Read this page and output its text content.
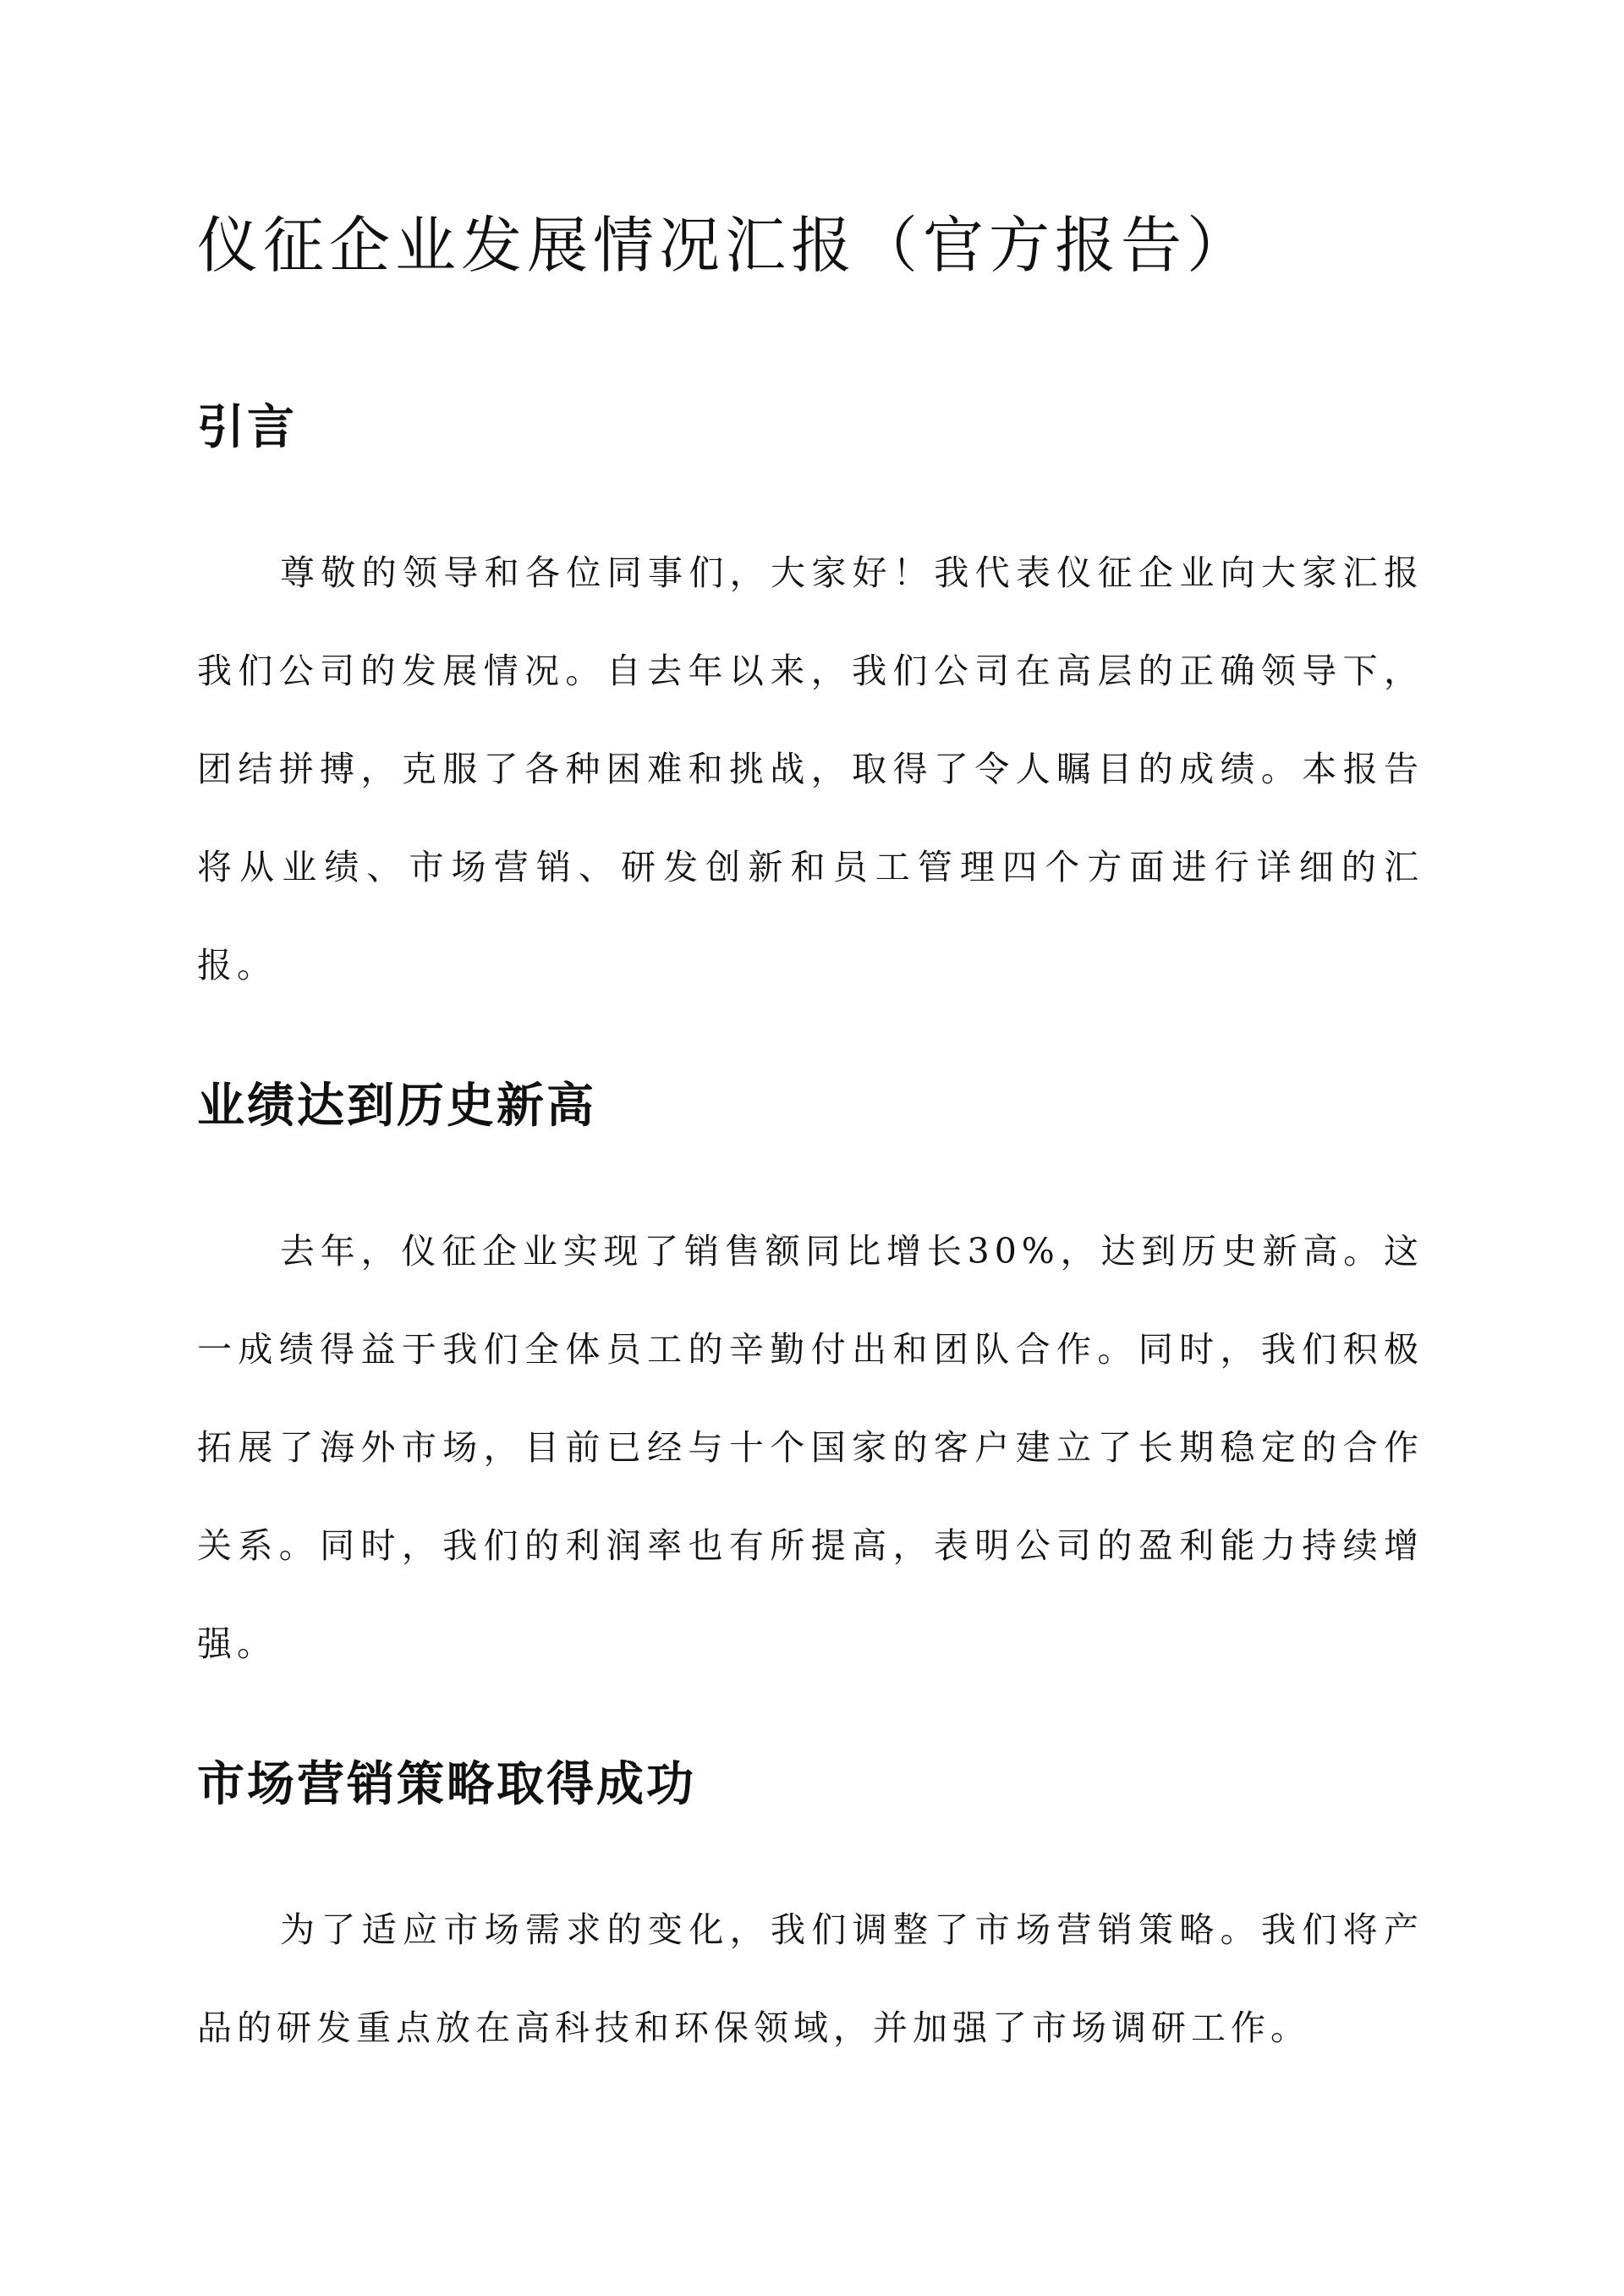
仪征企业发展情况汇报（官方报告）
引言

尊敬的领导和各位同事们，大家好！我代表仪征企业向大家汇报我们公司的发展情况。自去年以来，我们公司在高层的正确领导下，团结拼搏，克服了各种困难和挑战，取得了令人瞩目的成绩。本报告将从业绩、市场营销、研发创新和员工管理四个方面进行详细的汇报。

业绩达到历史新高

去年，仪征企业实现了销售额同比增长30%，达到历史新高。这一成绩得益于我们全体员工的辛勤付出和团队合作。同时，我们积极拓展了海外市场，目前已经与十个国家的客户建立了长期稳定的合作关系。同时，我们的利润率也有所提高，表明公司的盈利能力持续增强。

市场营销策略取得成功

为了适应市场需求的变化，我们调整了市场营销策略。我们将产品的研发重点放在高科技和环保领域，并加强了市场调研工作。
